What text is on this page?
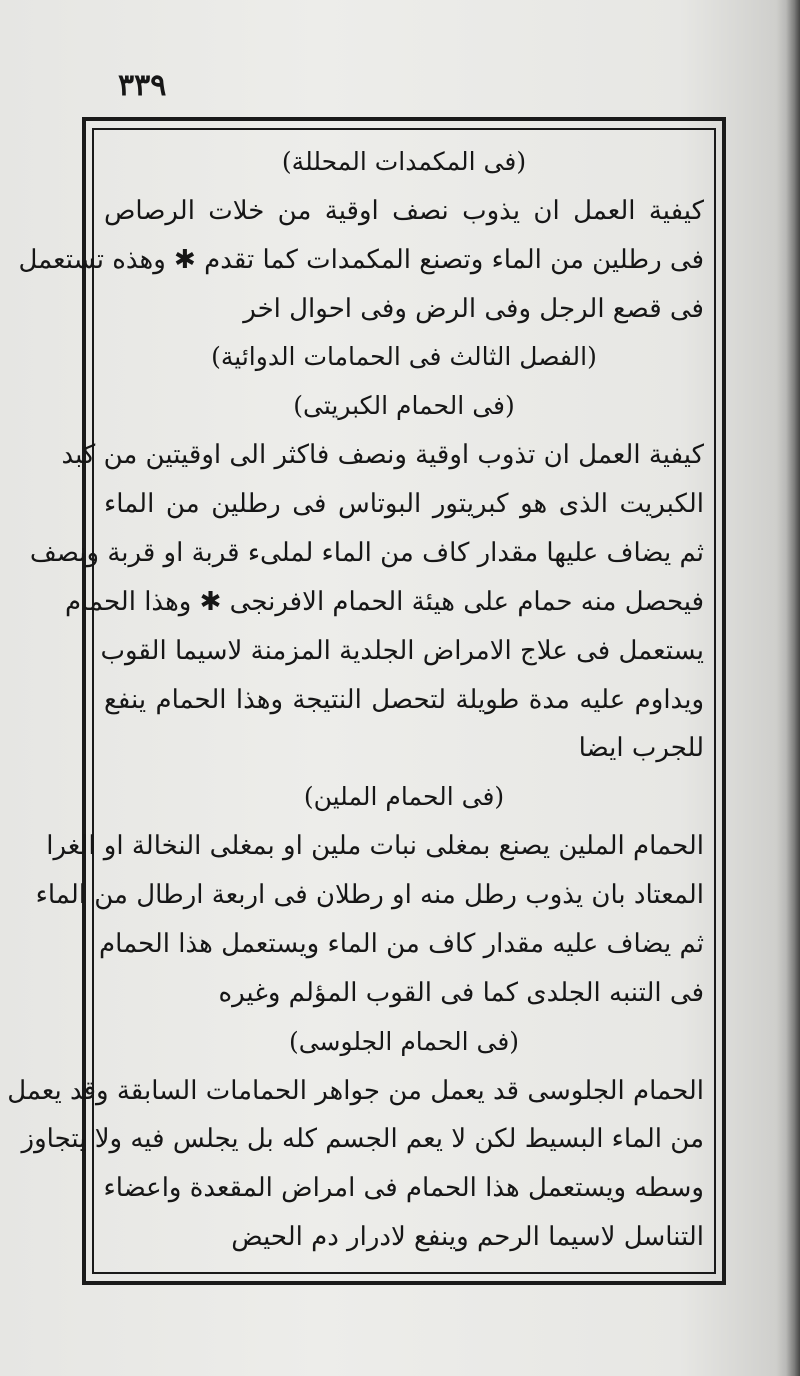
٣٣٩
(فى المكمدات المحللة)
كيفية العمل ان يذوب نصف اوقية من خلات الرصاص
فى رطلين من الماء وتصنع المكمدات كما تقدم ✱ وهذه تستعمل
فى قصع الرجل وفى الرض وفى احوال اخر
(الفصل الثالث فى الحمامات الدوائية)
(فى الحمام الكبريتى)
كيفية العمل ان تذوب اوقية ونصف فاكثر الى اوقيتين من كبد
الكبريت الذى هو كبريتور البوتاس فى رطلين من الماء
ثم يضاف عليها مقدار كاف من الماء لملىء قربة او قربة ونصف
فيحصل منه حمام على هيئة الحمام الافرنجى ✱ وهذا الحمام
يستعمل فى علاج الامراض الجلدية المزمنة لاسيما القوب
ويداوم عليه مدة طويلة لتحصل النتيجة وهذا الحمام ينفع
للجرب ايضا
(فى الحمام الملين)
الحمام الملين يصنع بمغلى نبات ملين او بمغلى النخالة او الغرا
المعتاد بان يذوب رطل منه او رطلان فى اربعة ارطال من الماء
ثم يضاف عليه مقدار كاف من الماء ويستعمل هذا الحمام
فى التنبه الجلدى كما فى القوب المؤلم وغيره
(فى الحمام الجلوسى)
الحمام الجلوسى قد يعمل من جواهر الحمامات السابقة وقد يعمل
من الماء البسيط لكن لا يعم الجسم كله بل يجلس فيه ولا يتجاوز
وسطه ويستعمل هذا الحمام فى امراض المقعدة واعضاء
التناسل لاسيما الرحم وينفع لادرار دم الحيض
